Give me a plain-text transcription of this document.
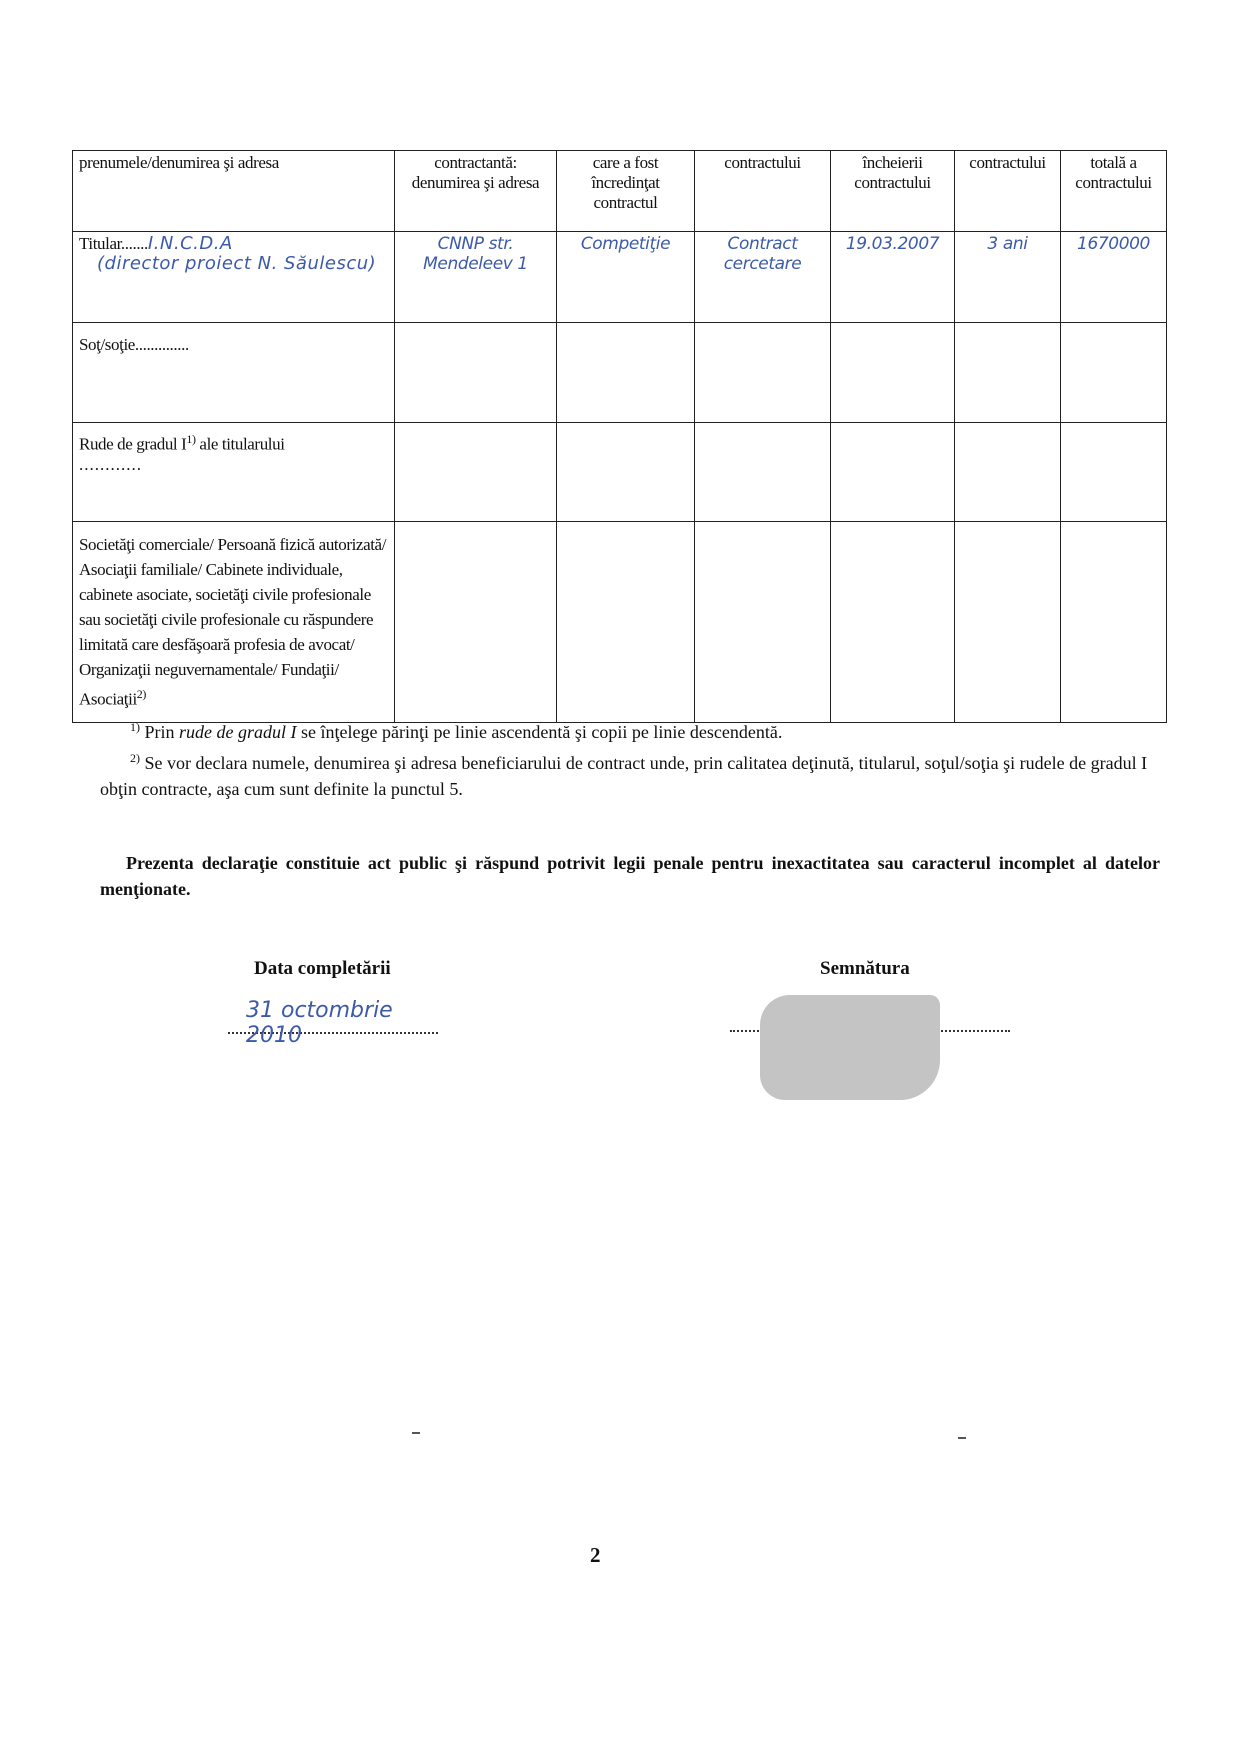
prenumele/denumirea şi adresa	contractantă: denumirea şi adresa	care a fost încredinţat contractul	contractului	încheierii contractului	contractului	totală a contractului
Titular.......I.N.C.D.A
(director proiect N. Săulescu)	CNNP str. Mendeleev 1	Competiţie	Contract cercetare	19.03.2007	3 ani	1670000
Soţ/soţie..............						
Rude de gradul $I^{1)}$ ale titularului
............						
Societăţi comerciale/ Persoană fizică autorizată/ Asociaţii familiale/ Cabinete individuale, cabinete asociate, societăţi civile profesionale sau societăţi civile profesionale cu răspundere limitată care desfăşoară profesia de avocat/ Organizaţii neguvernamentale/ Fundaţii/ Asociaţii$^{2)}$						

$^{1)}$ Prin rude de gradul I se înţelege părinţi pe linie ascendentă şi copii pe linie descendentă.

$^{2)}$ Se vor declara numele, denumirea şi adresa beneficiarului de contract unde, prin calitatea deţinută, titularul, soţul/soţia şi rudele de gradul I obţin contracte, aşa cum sunt definite la punctul 5.

Prezenta declaraţie constituie act public şi răspund potrivit legii penale pentru inexactitatea sau caracterul incomplet al datelor menţionate.
Data completării	Semnătura
31 octombrie 2010
2
